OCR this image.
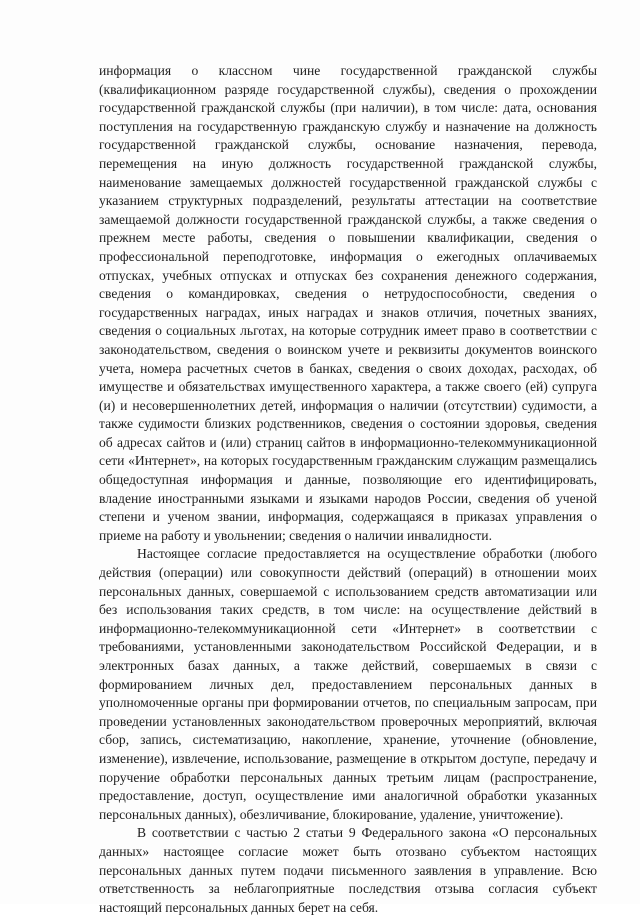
информация о классном чине государственной гражданской службы (квалификационном разряде государственной службы), сведения о прохождении государственной гражданской службы (при наличии), в том числе: дата, основания поступления на государственную гражданскую службу и назначение на должность государственной гражданской службы, основание назначения, перевода, перемещения на иную должность государственной гражданской службы, наименование замещаемых должностей государственной гражданской службы с указанием структурных подразделений, результаты аттестации на соответствие замещаемой должности государственной гражданской службы, а также сведения о прежнем месте работы, сведения о повышении квалификации, сведения о профессиональной переподготовке, информация о ежегодных оплачиваемых отпусках, учебных отпусках и отпусках без сохранения денежного содержания, сведения о командировках, сведения о нетрудоспособности, сведения о государственных наградах, иных наградах и знаков отличия, почетных званиях, сведения о социальных льготах, на которые сотрудник имеет право в соответствии с законодательством, сведения о воинском учете и реквизиты документов воинского учета, номера расчетных счетов в банках, сведения о своих доходах, расходах, об имуществе и обязательствах имущественного характера, а также своего (ей) супруга (и) и несовершеннолетних детей, информация о наличии (отсутствии) судимости, а также судимости близких родственников, сведения о состоянии здоровья, сведения об адресах сайтов и (или) страниц сайтов в информационно-телекоммуникационной сети «Интернет», на которых государственным гражданским служащим размещались общедоступная информация и данные, позволяющие его идентифицировать, владение иностранными языками и языками народов России, сведения об ученой степени и ученом звании, информация, содержащаяся в приказах управления о приеме на работу и увольнении; сведения о наличии инвалидности.

Настоящее согласие предоставляется на осуществление обработки (любого действия (операции) или совокупности действий (операций) в отношении моих персональных данных, совершаемой с использованием средств автоматизации или без использования таких средств, в том числе: на осуществление действий в информационно-телекоммуникационной сети «Интернет» в соответствии с требованиями, установленными законодательством Российской Федерации, и в электронных базах данных, а также действий, совершаемых в связи с формированием личных дел, предоставлением персональных данных в уполномоченные органы при формировании отчетов, по специальным запросам, при проведении установленных законодательством проверочных мероприятий, включая сбор, запись, систематизацию, накопление, хранение, уточнение (обновление, изменение), извлечение, использование, размещение в открытом доступе, передачу и поручение обработки персональных данных третьим лицам (распространение, предоставление, доступ, осуществление ими аналогичной обработки указанных персональных данных), обезличивание, блокирование, удаление, уничтожение).

В соответствии с частью 2 статьи 9 Федерального закона «О персональных данных» настоящее согласие может быть отозвано субъектом настоящих персональных данных путем подачи письменного заявления в управление. Всю ответственность за неблагоприятные последствия отзыва согласия субъект настоящий персональных данных берет на себя.
